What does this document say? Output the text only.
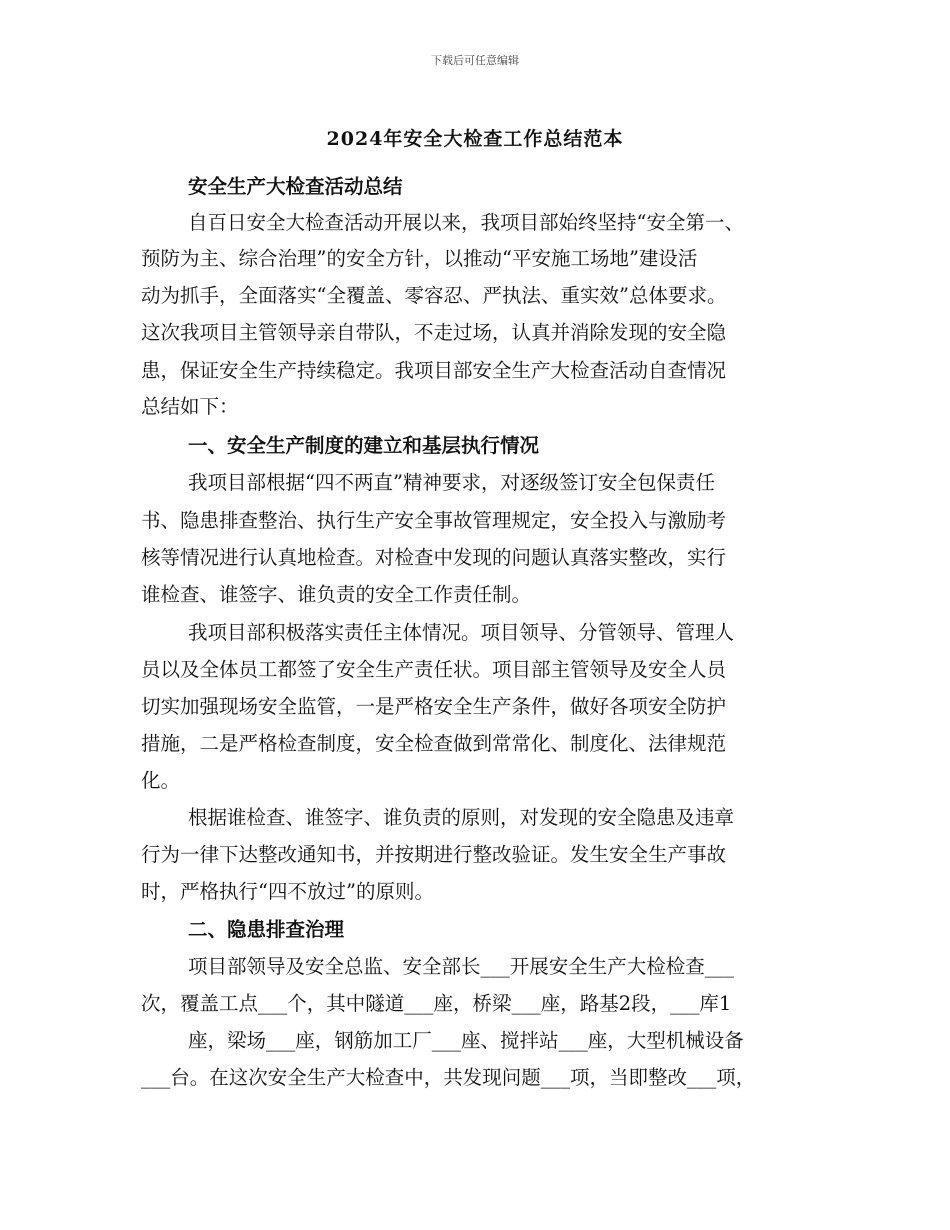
下载后可任意编辑
2024年安全大检查工作总结范本
安全生产大检查活动总结
自百日安全大检查活动开展以来，我项目部始终坚持“安全第一、
预防为主、综合治理”的安全方针，以推动“平安施工场地”建设活
动为抓手，全面落实“全覆盖、零容忍、严执法、重实效”总体要求。
这次我项目主管领导亲自带队，不走过场，认真并消除发现的安全隐
患，保证安全生产持续稳定。我项目部安全生产大检查活动自查情况
总结如下：
一、安全生产制度的建立和基层执行情况
我项目部根据“四不两直”精神要求，对逐级签订安全包保责任
书、隐患排查整治、执行生产安全事故管理规定，安全投入与激励考
核等情况进行认真地检查。对检查中发现的问题认真落实整改，实行
谁检查、谁签字、谁负责的安全工作责任制。
我项目部积极落实责任主体情况。项目领导、分管领导、管理人
员以及全体员工都签了安全生产责任状。项目部主管领导及安全人员
切实加强现场安全监管，一是严格安全生产条件，做好各项安全防护
措施，二是严格检查制度，安全检查做到常常化、制度化、法律规范
化。
根据谁检查、谁签字、谁负责的原则，对发现的安全隐患及违章
行为一律下达整改通知书，并按期进行整改验证。发生安全生产事故
时，严格执行“四不放过”的原则。
二、隐患排查治理
项目部领导及安全总监、安全部长___开展安全生产大检检查___
次，覆盖工点___个，其中隧道___座，桥梁___座，路基2段，___库1
座，梁场___座，钢筋加工厂___座、搅拌站___座，大型机械设备
___台。在这次安全生产大检查中，共发现问题___项，当即整改___项，
